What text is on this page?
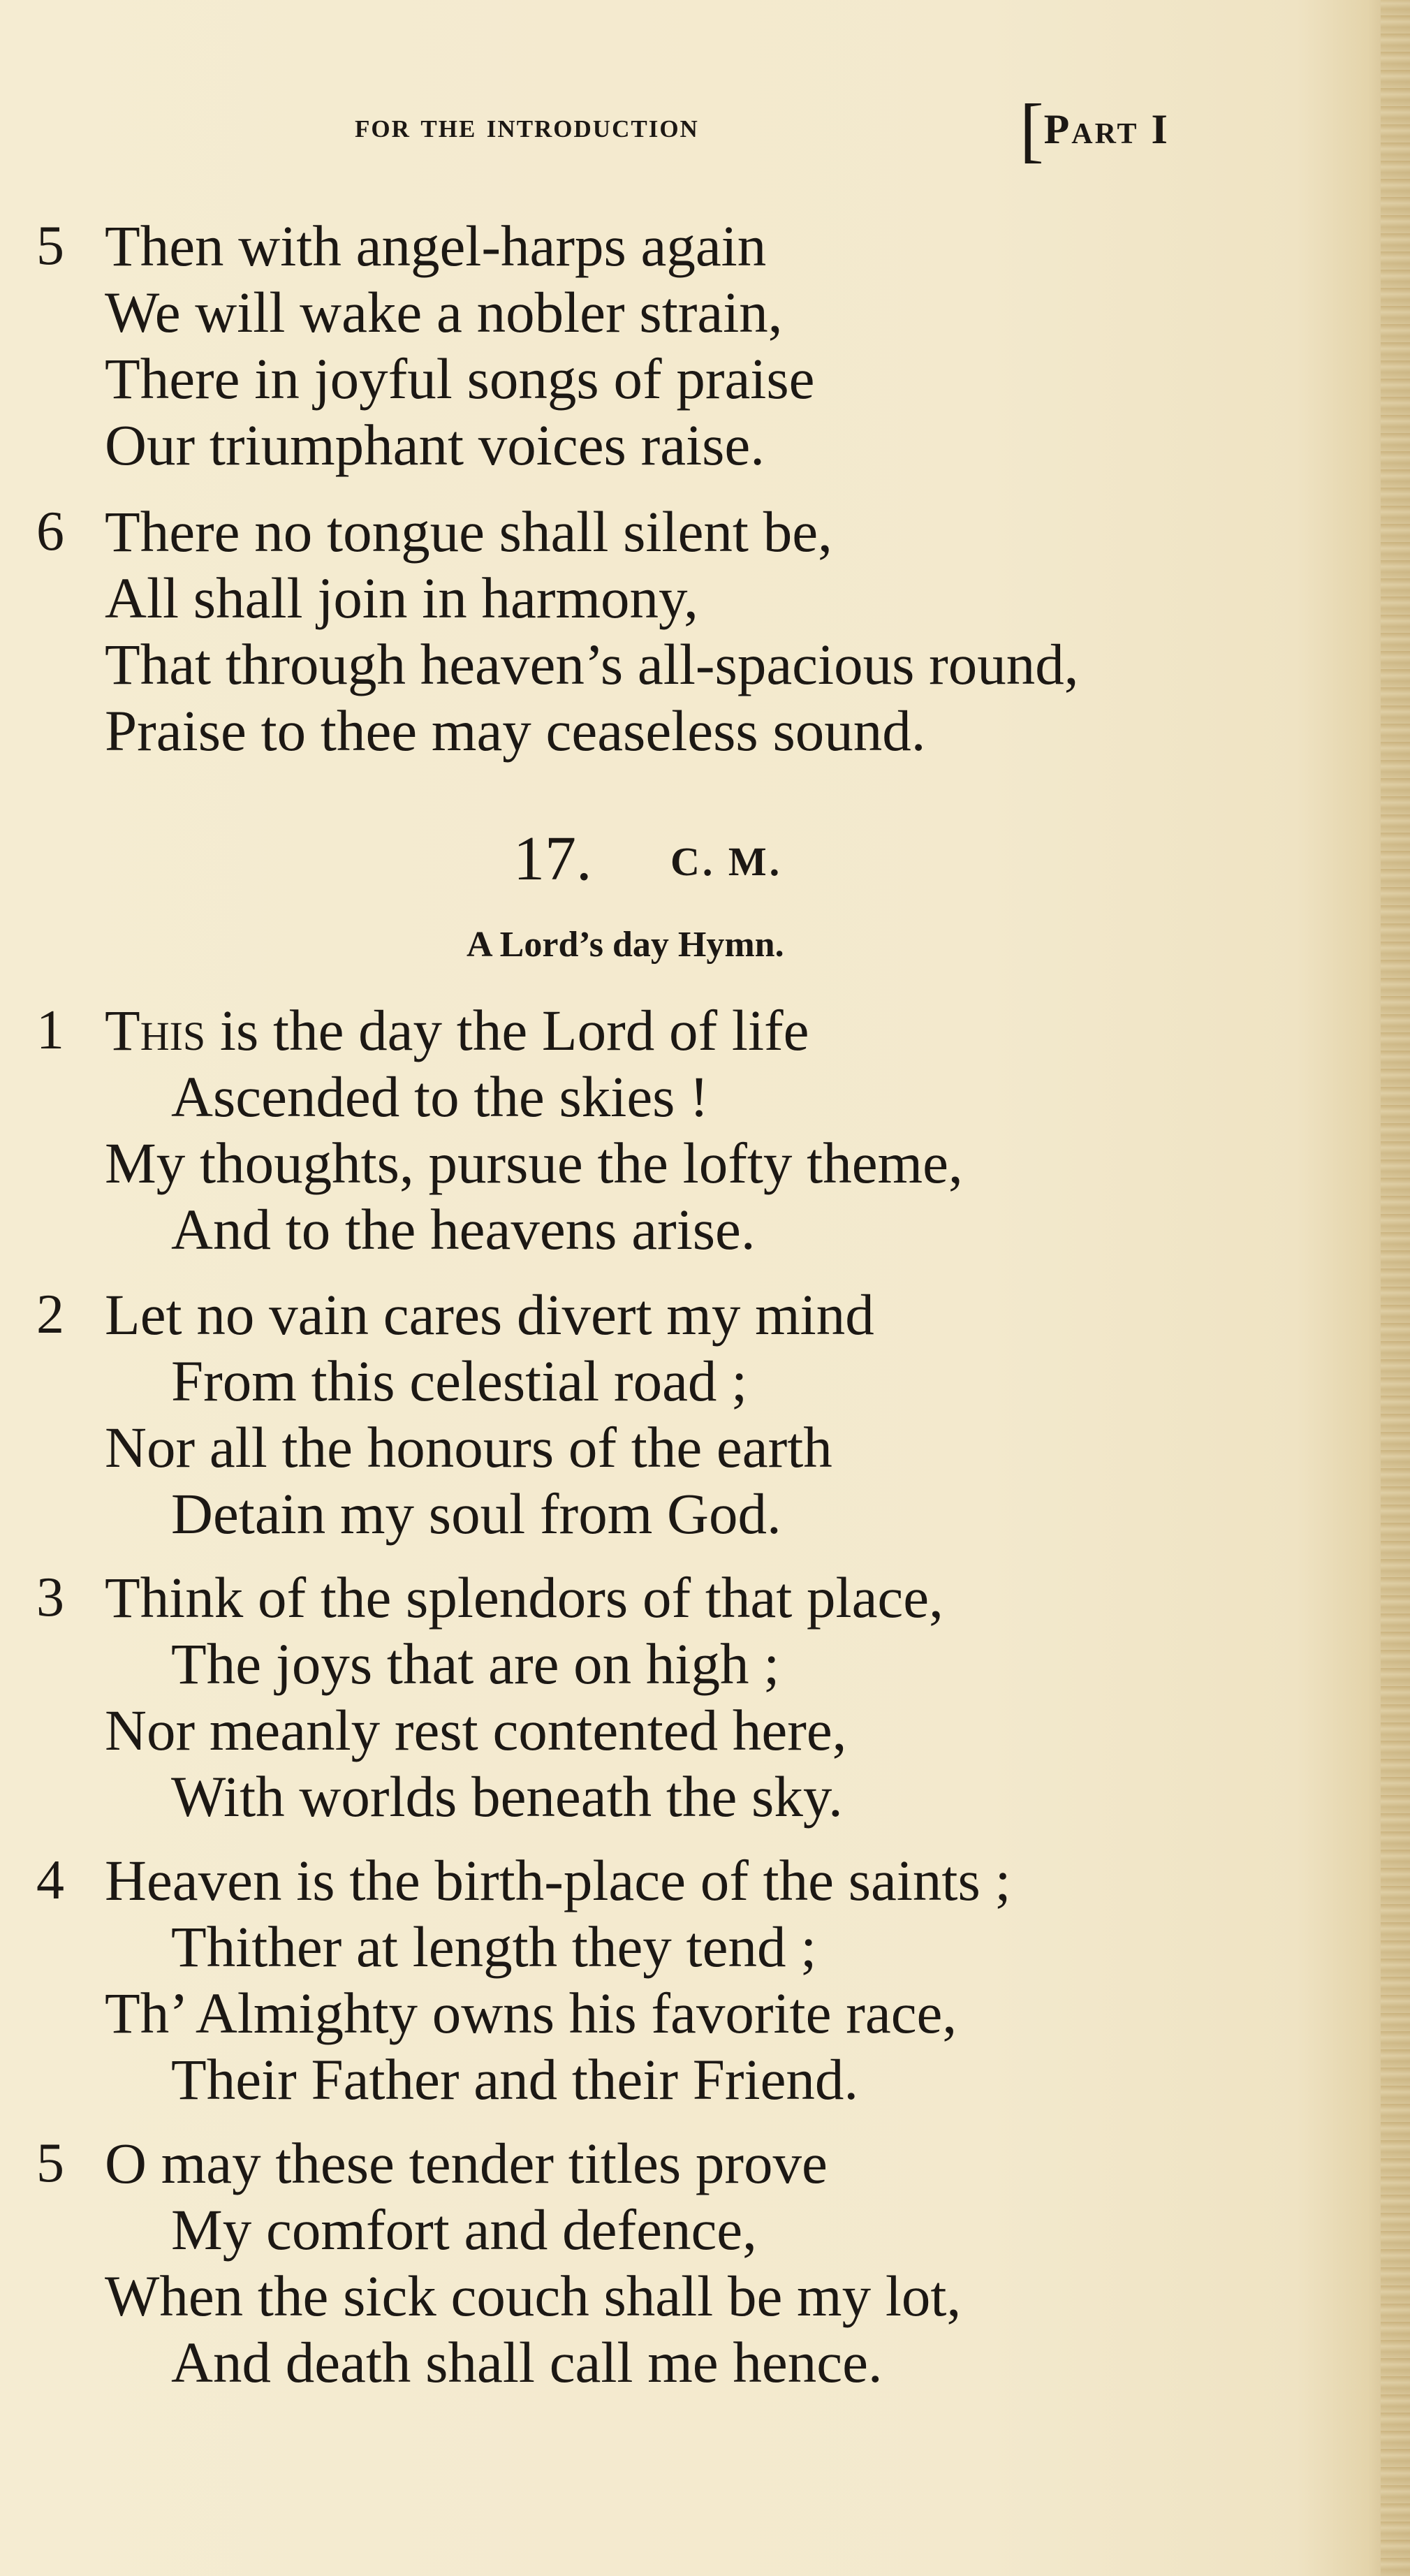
for the introduction	[Part I
5 Then with angel-harps again
We will wake a nobler strain,
There in joyful songs of praise
Our triumphant voices raise.
6 There no tongue shall silent be,
All shall join in harmony,
That through heaven’s all-spacious round,
Praise to thee may ceaseless sound.
17. C. M.
A Lord’s day Hymn.
1 This is the day the Lord of life
Ascended to the skies !
My thoughts, pursue the lofty theme,
And to the heavens arise.
2 Let no vain cares divert my mind
From this celestial road ;
Nor all the honours of the earth
Detain my soul from God.
3 Think of the splendors of that place,
The joys that are on high ;
Nor meanly rest contented here,
With worlds beneath the sky.
4 Heaven is the birth-place of the saints ;
Thither at length they tend ;
Th’ Almighty owns his favorite race,
Their Father and their Friend.
5 O may these tender titles prove
My comfort and defence,
When the sick couch shall be my lot,
And death shall call me hence.
